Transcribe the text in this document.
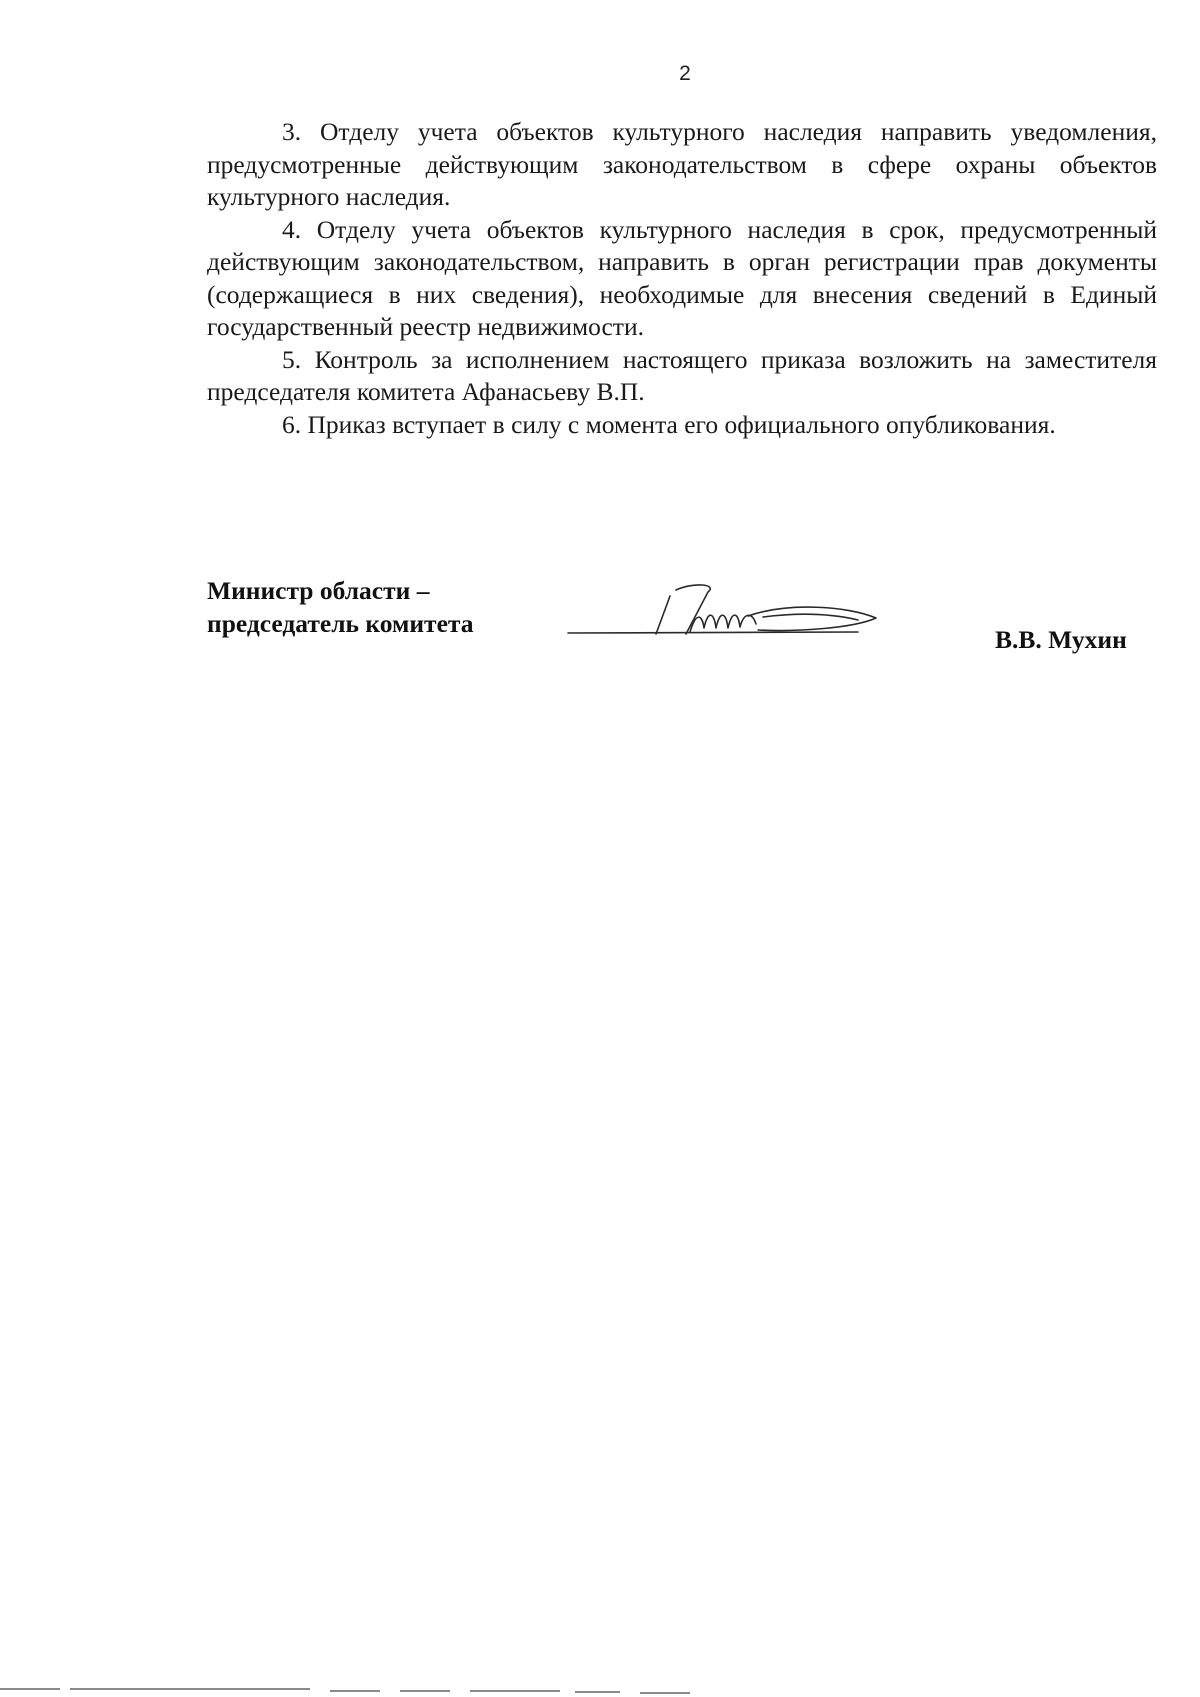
2

3. Отделу учета объектов культурного наследия направить уведомления, предусмотренные действующим законодательством в сфере охраны объектов культурного наследия.

4. Отделу учета объектов культурного наследия в срок, предусмотренный действующим законодательством, направить в орган регистрации прав документы (содержащиеся в них сведения), необходимые для внесения сведений в Единый государственный реестр недвижимости.

5. Контроль за исполнением настоящего приказа возложить на заместителя председателя комитета Афанасьеву В.П.

6. Приказ вступает в силу с момента его официального опубликования.

Министр области –
председатель комитета
В.В. Мухин
